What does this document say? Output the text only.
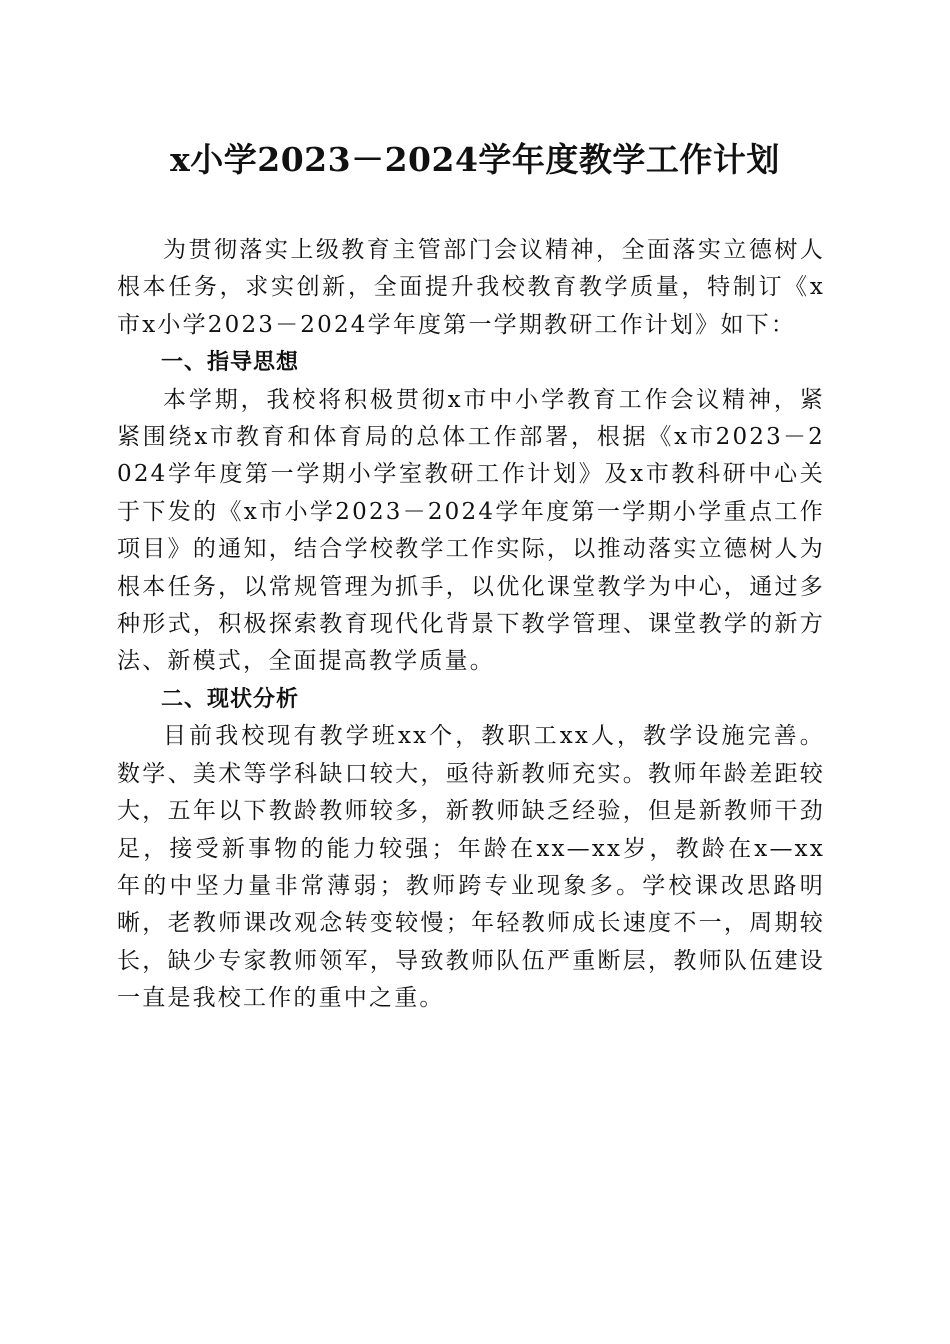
x小学2023－2024学年度教学工作计划

为贯彻落实上级教育主管部门会议精神，全面落实立德树人根本任务，求实创新，全面提升我校教育教学质量，特制订《x市x小学2023－2024学年度第一学期教研工作计划》如下：

一、指导思想

本学期，我校将积极贯彻x市中小学教育工作会议精神，紧紧围绕x市教育和体育局的总体工作部署，根据《x市2023－2024学年度第一学期小学室教研工作计划》及x市教科研中心关于下发的《x市小学2023－2024学年度第一学期小学重点工作项目》的通知，结合学校教学工作实际，以推动落实立德树人为根本任务，以常规管理为抓手，以优化课堂教学为中心，通过多种形式，积极探索教育现代化背景下教学管理、课堂教学的新方法、新模式，全面提高教学质量。

二、现状分析

目前我校现有教学班xx个，教职工xx人，教学设施完善。数学、美术等学科缺口较大，亟待新教师充实。教师年龄差距较大，五年以下教龄教师较多，新教师缺乏经验，但是新教师干劲足，接受新事物的能力较强；年龄在xx—xx岁，教龄在x—xx年的中坚力量非常薄弱；教师跨专业现象多。学校课改思路明晰，老教师课改观念转变较慢；年轻教师成长速度不一，周期较长，缺少专家教师领军，导致教师队伍严重断层，教师队伍建设一直是我校工作的重中之重。
